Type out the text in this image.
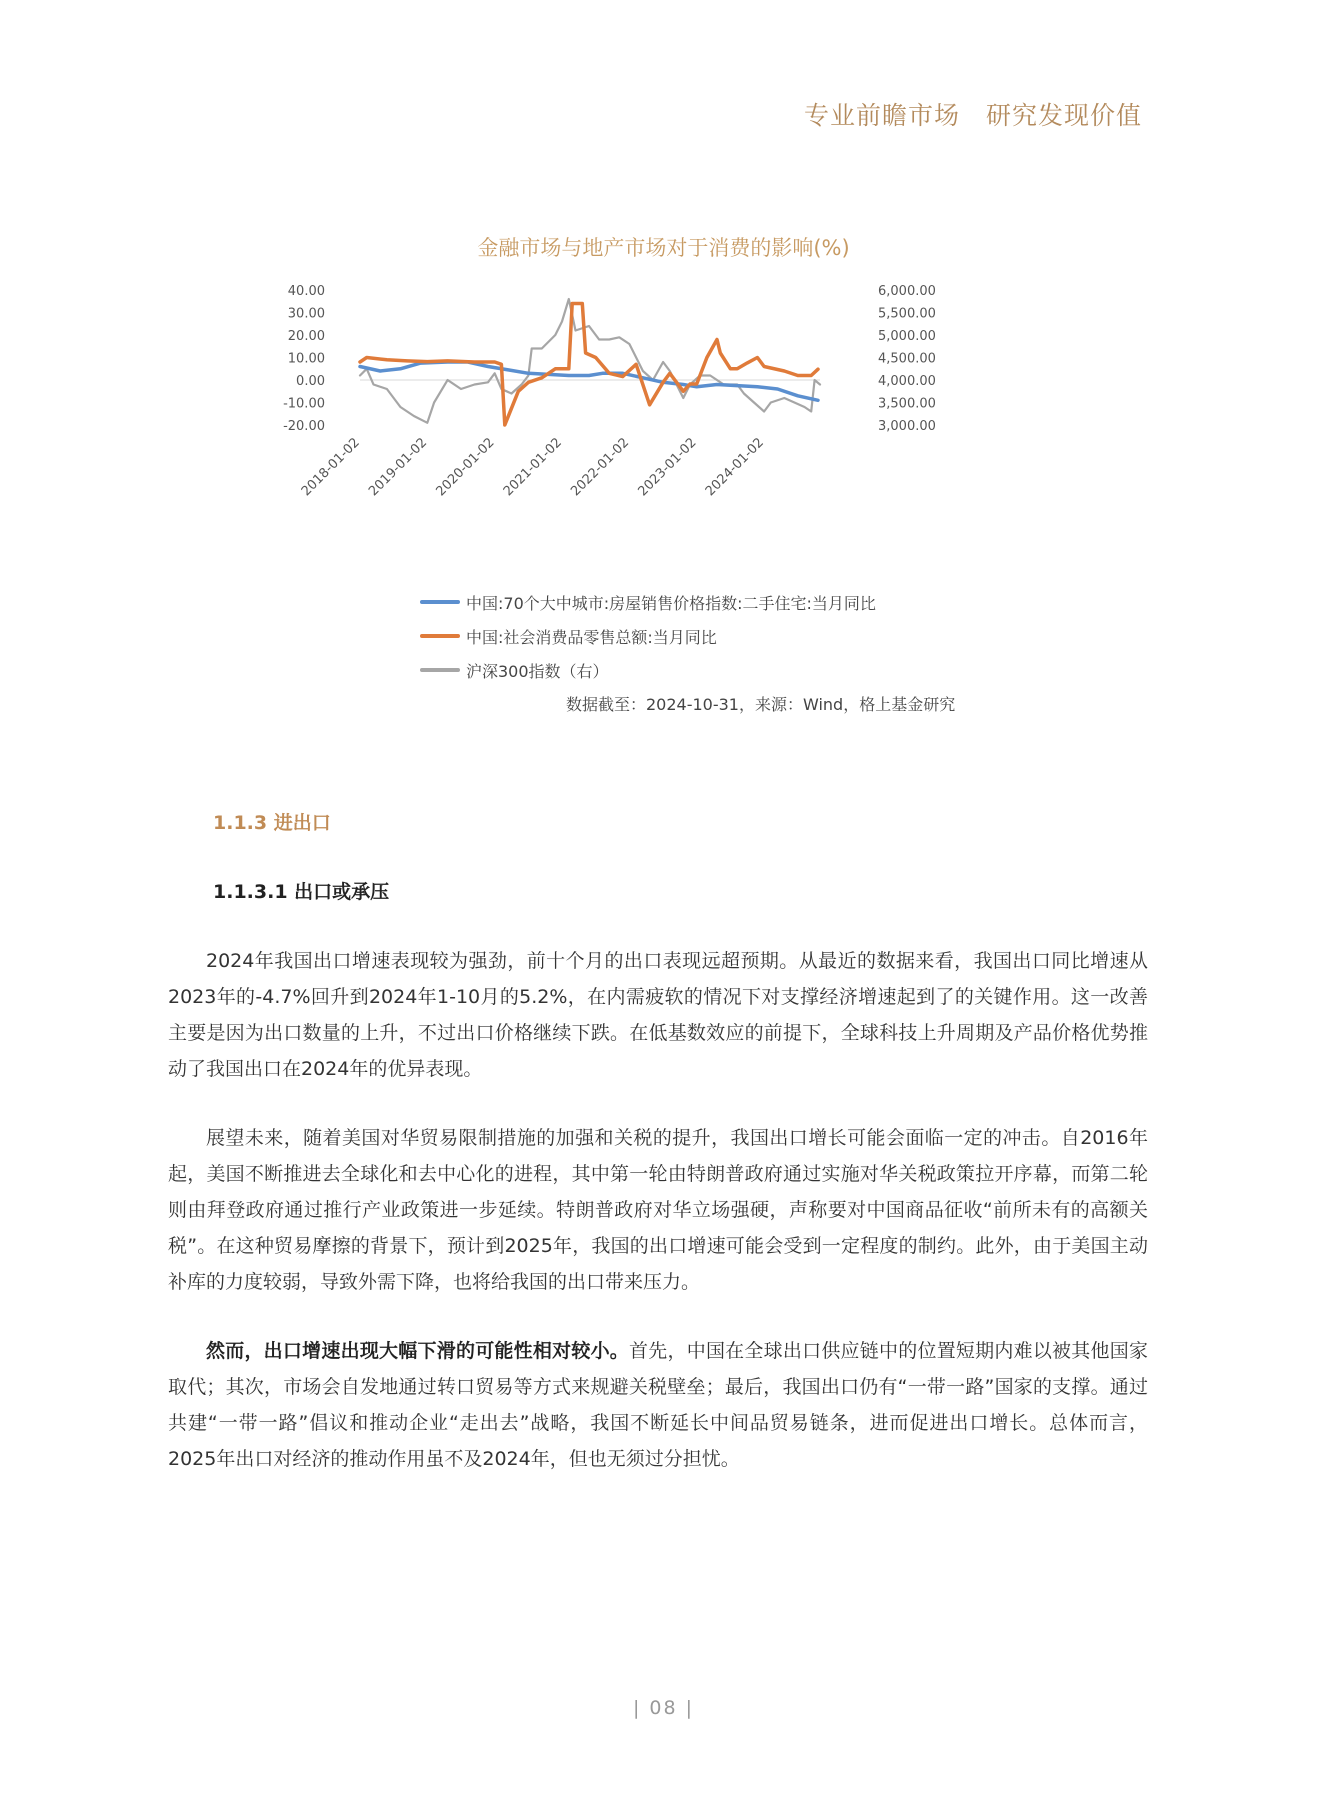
专业前瞻市场 研究发现价值
金融市场与地产市场对于消费的影响(%)
40.00
30.00
20.00
10.00
0.00
-10.00
-20.00
6,000.00
5,500.00
5,000.00
4,500.00
4,000.00
3,500.00
3,000.00
2018-01-02 2019-01-02 2020-01-02 2021-01-02 2022-01-02 2023-01-02 2024-01-02
中国:70个大中城市:房屋销售价格指数:二手住宅:当月同比
中国:社会消费品零售总额:当月同比
沪深300指数（右）
数据截至：2024-10-31，来源：Wind，格上基金研究
1.1.3 进出口
1.1.3.1 出口或承压

2024年我国出口增速表现较为强劲，前十个月的出口表现远超预期。从最近的数据来看，我国出口同比增速从2023年的-4.7%回升到2024年1-10月的5.2%，在内需疲软的情况下对支撑经济增速起到了的关键作用。这一改善主要是因为出口数量的上升，不过出口价格继续下跌。在低基数效应的前提下，全球科技上升周期及产品价格优势推动了我国出口在2024年的优异表现。

展望未来，随着美国对华贸易限制措施的加强和关税的提升，我国出口增长可能会面临一定的冲击。自2016年起，美国不断推进去全球化和去中心化的进程，其中第一轮由特朗普政府通过实施对华关税政策拉开序幕，而第二轮则由拜登政府通过推行产业政策进一步延续。特朗普政府对华立场强硬，声称要对中国商品征收“前所未有的高额关税”。在这种贸易摩擦的背景下，预计到2025年，我国的出口增速可能会受到一定程度的制约。此外，由于美国主动补库的力度较弱，导致外需下降，也将给我国的出口带来压力。

然而，出口增速出现大幅下滑的可能性相对较小。首先，中国在全球出口供应链中的位置短期内难以被其他国家取代；其次，市场会自发地通过转口贸易等方式来规避关税壁垒；最后，我国出口仍有“一带一路”国家的支撑。通过共建“一带一路”倡议和推动企业“走出去”战略，我国不断延长中间品贸易链条，进而促进出口增长。总体而言，2025年出口对经济的推动作用虽不及2024年，但也无须过分担忧。

| 08 |
